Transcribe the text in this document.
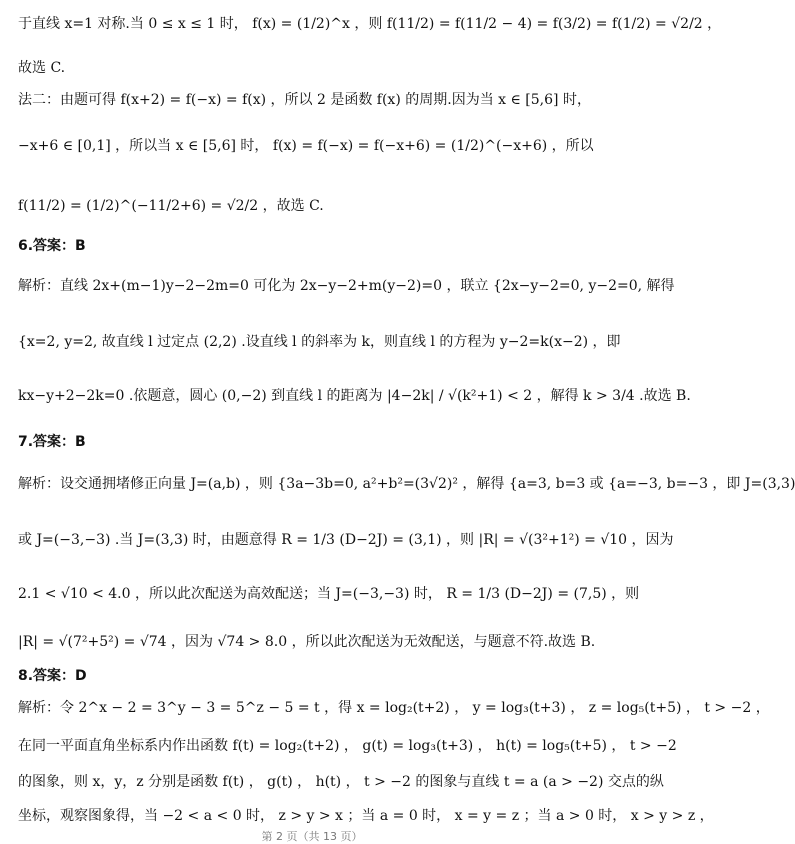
于直线 x=1 对称.当 0 ≤ x ≤ 1 时， f(x) = (1/2)^x ，则 f(11/2) = f(11/2 − 4) = f(3/2) = f(1/2) = √2/2 ，
故选 C.
法二：由题可得 f(x+2) = f(−x) = f(x) ，所以 2 是函数 f(x) 的周期.因为当 x ∈ [5,6] 时，
−x+6 ∈ [0,1] ，所以当 x ∈ [5,6] 时， f(x) = f(−x) = f(−x+6) = (1/2)^(−x+6) ，所以
f(11/2) = (1/2)^(−11/2+6) = √2/2 ，故选 C.
6.答案：B
解析：直线 2x+(m−1)y−2−2m=0 可化为 2x−y−2+m(y−2)=0 ，联立 {2x−y−2=0, y−2=0, 解得
{x=2, y=2, 故直线 l 过定点 (2,2) .设直线 l 的斜率为 k，则直线 l 的方程为 y−2=k(x−2) ，即
kx−y+2−2k=0 .依题意，圆心 (0,−2) 到直线 l 的距离为 |4−2k| / √(k²+1) < 2 ，解得 k > 3/4 .故选 B.
7.答案：B
解析：设交通拥堵修正向量 J=(a,b) ，则 {3a−3b=0, a²+b²=(3√2)² ，解得 {a=3, b=3 或 {a=−3, b=−3 ，即 J=(3,3)
或 J=(−3,−3) .当 J=(3,3) 时，由题意得 R = 1/3 (D−2J) = (3,1) ，则 |R| = √(3²+1²) = √10 ，因为
2.1 < √10 < 4.0 ，所以此次配送为高效配送；当 J=(−3,−3) 时， R = 1/3 (D−2J) = (7,5) ，则
|R| = √(7²+5²) = √74 ，因为 √74 > 8.0 ，所以此次配送为无效配送，与题意不符.故选 B.
8.答案：D
解析：令 2^x − 2 = 3^y − 3 = 5^z − 5 = t ，得 x = log₂(t+2) ， y = log₃(t+3) ， z = log₅(t+5) ， t > −2 ，
在同一平面直角坐标系内作出函数 f(t) = log₂(t+2) ， g(t) = log₃(t+3) ， h(t) = log₅(t+5) ， t > −2
的图象，则 x，y，z 分别是函数 f(t) ， g(t) ， h(t) ， t > −2 的图象与直线 t = a (a > −2) 交点的纵
坐标，观察图象得，当 −2 < a < 0 时， z > y > x ；当 a = 0 时， x = y = z ；当 a > 0 时， x > y > z ，
第 2 页（共 13 页）
